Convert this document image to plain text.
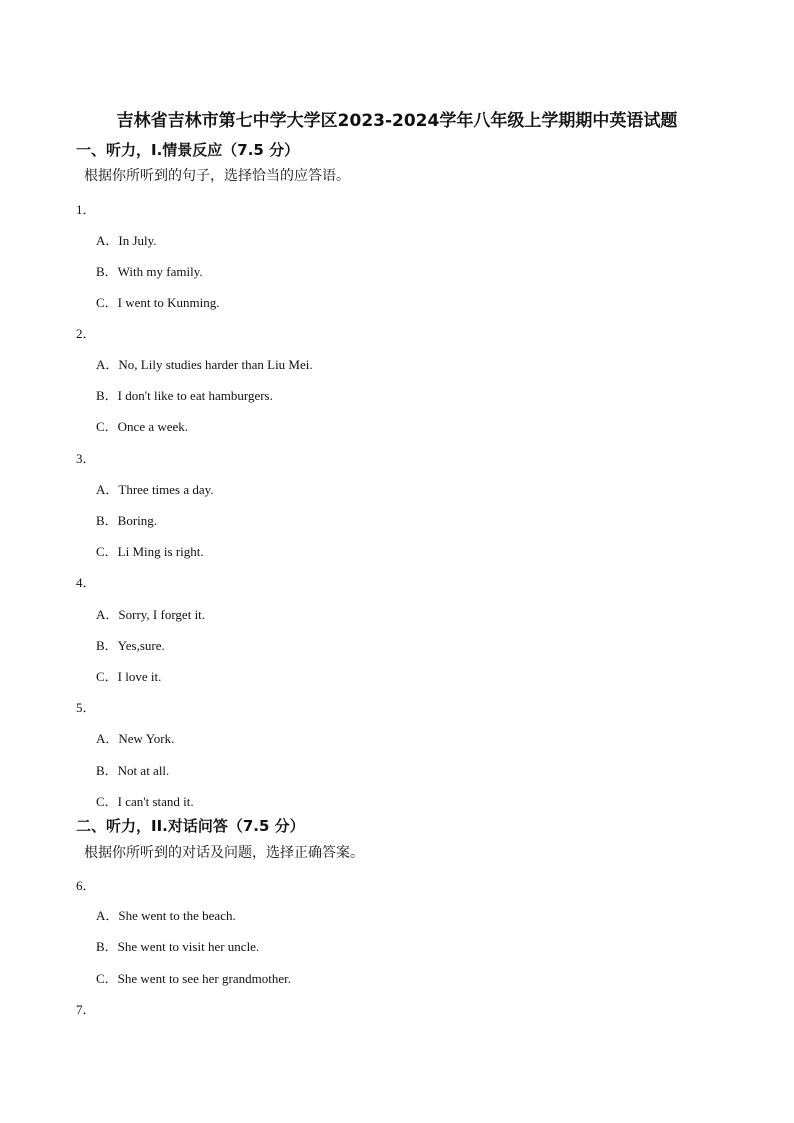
吉林省吉林市第七中学大学区2023-2024学年八年级上学期期中英语试题
一、听力，I.情景反应（7.5 分）
根据你所听到的句子，选择恰当的应答语。
1．
A．In July.
B．With my family.
C．I went to Kunming.
2．
A．No, Lily studies harder than Liu Mei.
B．I don't like to eat hamburgers.
C．Once a week.
3．
A．Three times a day.
B．Boring.
C．Li Ming is right.
4．
A．Sorry, I forget it.
B．Yes,sure.
C．I love it.
5．
A．New York.
B．Not at all.
C．I can't stand it.
二、听力，II.对话问答（7.5 分）
根据你所听到的对话及问题，选择正确答案。
6．
A．She went to the beach.
B．She went to visit her uncle.
C．She went to see her grandmother.
7．
